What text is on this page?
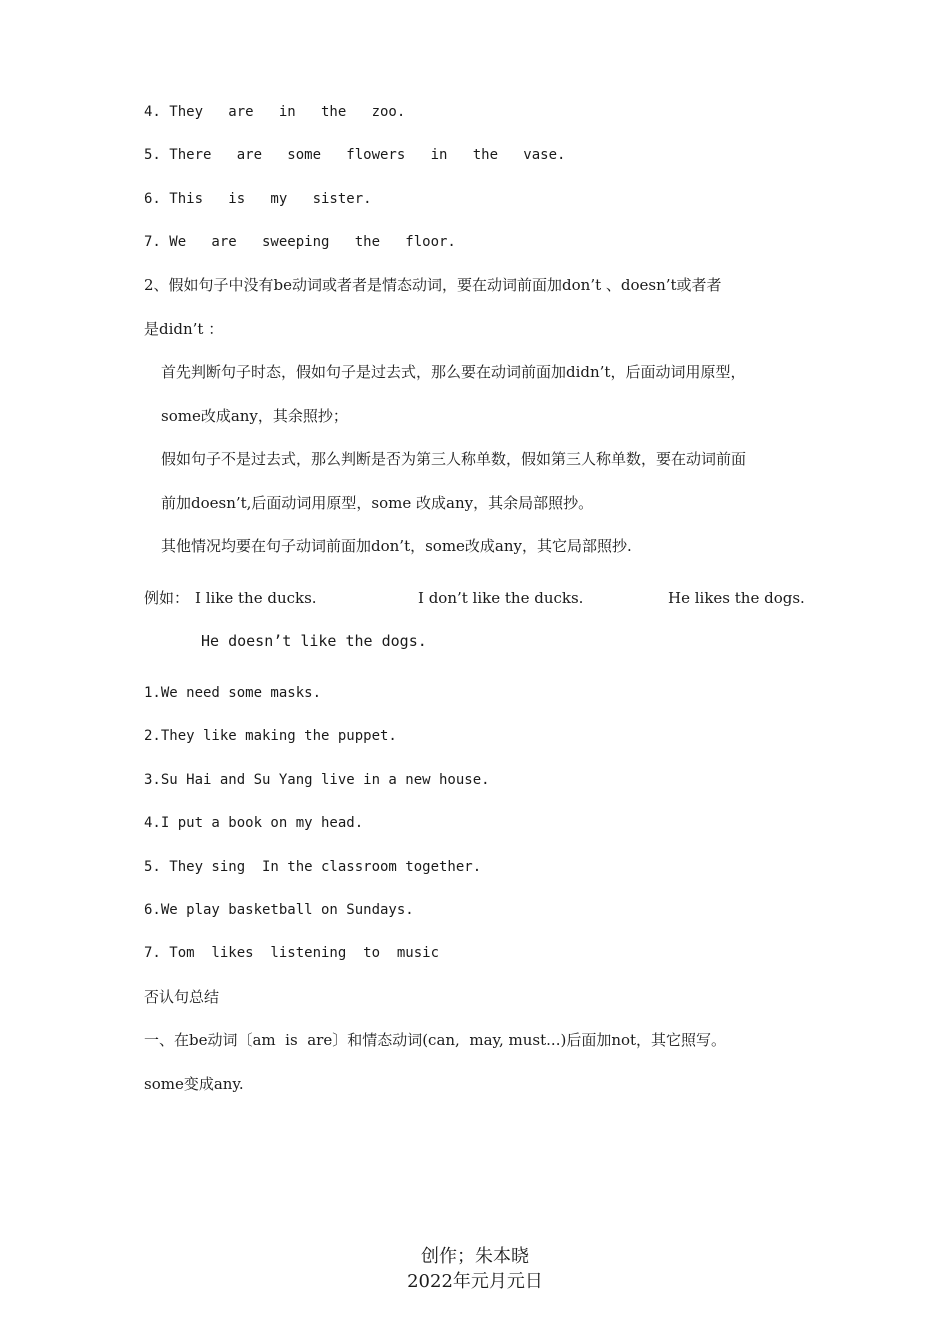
4. They   are   in   the   zoo.
5. There   are   some   flowers   in   the   vase.
6. This   is   my   sister.
7. We   are   sweeping   the   floor.
2、假如句子中没有be动词或者者是情态动词，要在动词前面加don’t 、doesn’t或者者
是didn’t ：
首先判断句子时态，假如句子是过去式，那么要在动词前面加didn’t，后面动词用原型，
some改成any，其余照抄；
假如句子不是过去式，那么判断是否为第三人称单数，假如第三人称单数，要在动词前面
前加doesn’t,后面动词用原型，some 改成any，其余局部照抄。
其他情况均要在句子动词前面加don’t，some改成any，其它局部照抄.
例如： I like the ducks.	I don’t like the ducks.	He likes the dogs.
He doesn’t like the dogs.
1.We need some masks.
2.They like making the puppet.
3.Su Hai and Su Yang live in a new house.
4.I put a book on my head.
5. They sing  In the classroom together.
6.We play basketball on Sundays.
7. Tom  likes  listening  to  music
否认句总结
一、在be动词〔am  is  are〕和情态动词(can,  may, must...)后面加not，其它照写。
some变成any.
创作；朱本晓
2022年元月元日
